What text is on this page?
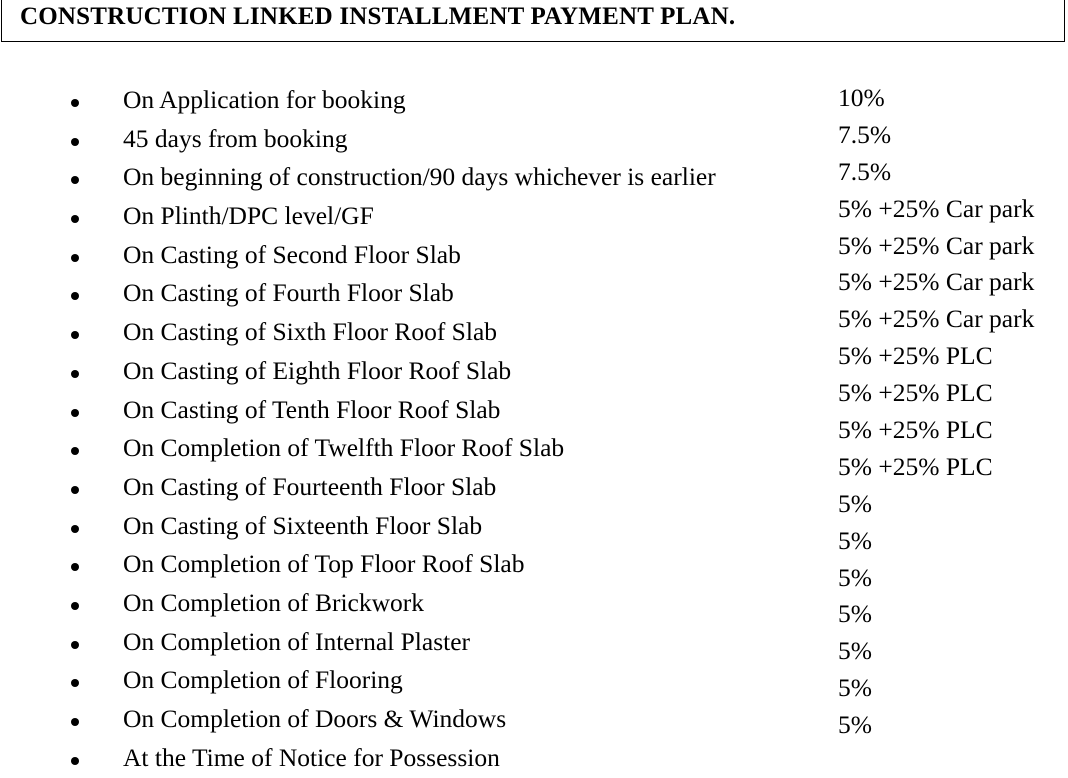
CONSTRUCTION LINKED INSTALLMENT PAYMENT PLAN.
On Application for booking
45 days from booking
On beginning of construction/90 days whichever is earlier
On Plinth/DPC level/GF
On Casting of Second Floor Slab
On Casting of Fourth Floor Slab
On Casting of Sixth Floor Roof Slab
On Casting of Eighth Floor Roof Slab
On Casting of Tenth Floor Roof Slab
On Completion of Twelfth Floor Roof Slab
On Casting of Fourteenth Floor Slab
On Casting of Sixteenth Floor Slab
On Completion of Top Floor Roof Slab
On Completion of Brickwork
On Completion of Internal Plaster
On Completion of Flooring
On Completion of Doors & Windows
At the Time of Notice for Possession
10%
7.5%
7.5%
5% +25% Car park
5% +25% Car park
5% +25% Car park
5% +25% Car park
5% +25% PLC
5% +25% PLC
5% +25% PLC
5% +25% PLC
5%
5%
5%
5%
5%
5%
5%
